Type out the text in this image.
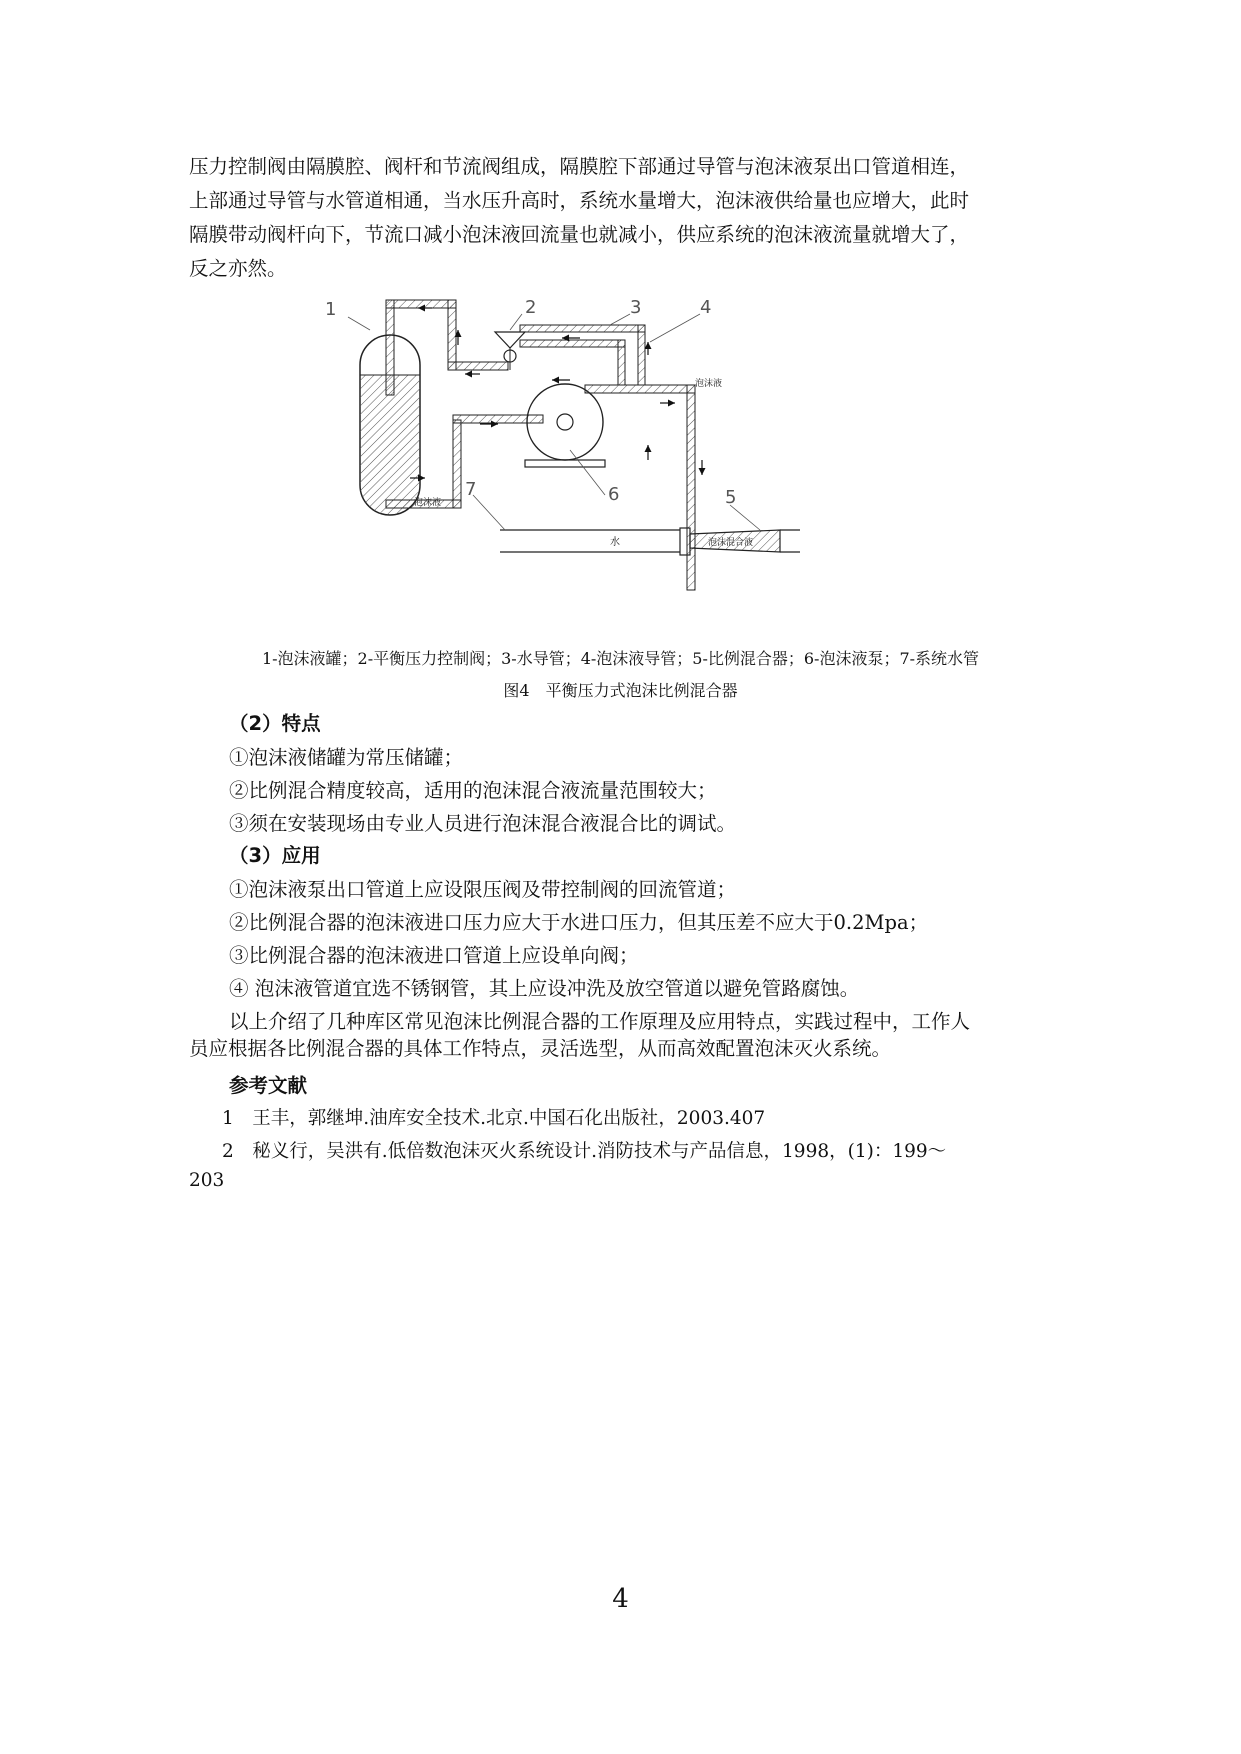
压力控制阀由隔膜腔、阀杆和节流阀组成，隔膜腔下部通过导管与泡沫液泵出口管道相连，
上部通过导管与水管道相通，当水压升高时，系统水量增大，泡沫液供给量也应增大，此时
隔膜带动阀杆向下，节流口减小泡沫液回流量也就减小，供应系统的泡沫液流量就增大了，
反之亦然。
泡沫液
泡沫液
水	泡沫混合液
1	2	3	4
5
6
7
1-泡沫液罐；2-平衡压力控制阀；3-水导管；4-泡沫液导管；5-比例混合器；6-泡沫液泵；7-系统水管
图4　平衡压力式泡沫比例混合器
（2）特点
①泡沫液储罐为常压储罐；
②比例混合精度较高，适用的泡沫混合液流量范围较大；
③须在安装现场由专业人员进行泡沫混合液混合比的调试。
（3）应用
①泡沫液泵出口管道上应设限压阀及带控制阀的回流管道；
②比例混合器的泡沫液进口压力应大于水进口压力，但其压差不应大于0.2Mpa；
③比例混合器的泡沫液进口管道上应设单向阀；
④ 泡沫液管道宜选不锈钢管，其上应设冲洗及放空管道以避免管路腐蚀。
以上介绍了几种库区常见泡沫比例混合器的工作原理及应用特点，实践过程中，工作人
员应根据各比例混合器的具体工作特点，灵活选型，从而高效配置泡沫灭火系统。
参考文献
1　王丰，郭继坤.油库安全技术.北京.中国石化出版社，2003.407
2　秘义行，吴洪有.低倍数泡沫灭火系统设计.消防技术与产品信息，1998，(1)：199～
203
4
